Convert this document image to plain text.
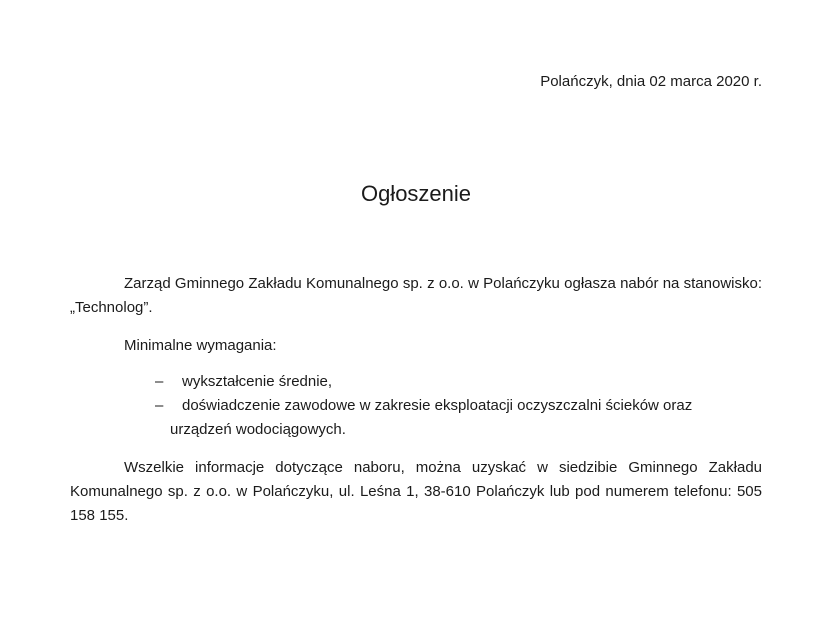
Polańczyk, dnia 02 marca 2020 r.
Ogłoszenie

Zarząd Gminnego Zakładu Komunalnego sp. z o.o. w Polańczyku ogłasza nabór na stanowisko: „Technolog”.

Minimalne wymagania:

– wykształcenie średnie,
– doświadczenie zawodowe w zakresie eksploatacji oczyszczalni ścieków oraz
urządzeń wodociągowych.

Wszelkie informacje dotyczące naboru, można uzyskać w siedzibie Gminnego Zakładu Komunalnego sp. z o.o. w Polańczyku, ul. Leśna 1, 38-610 Polańczyk lub pod numerem telefonu: 505 158 155.
